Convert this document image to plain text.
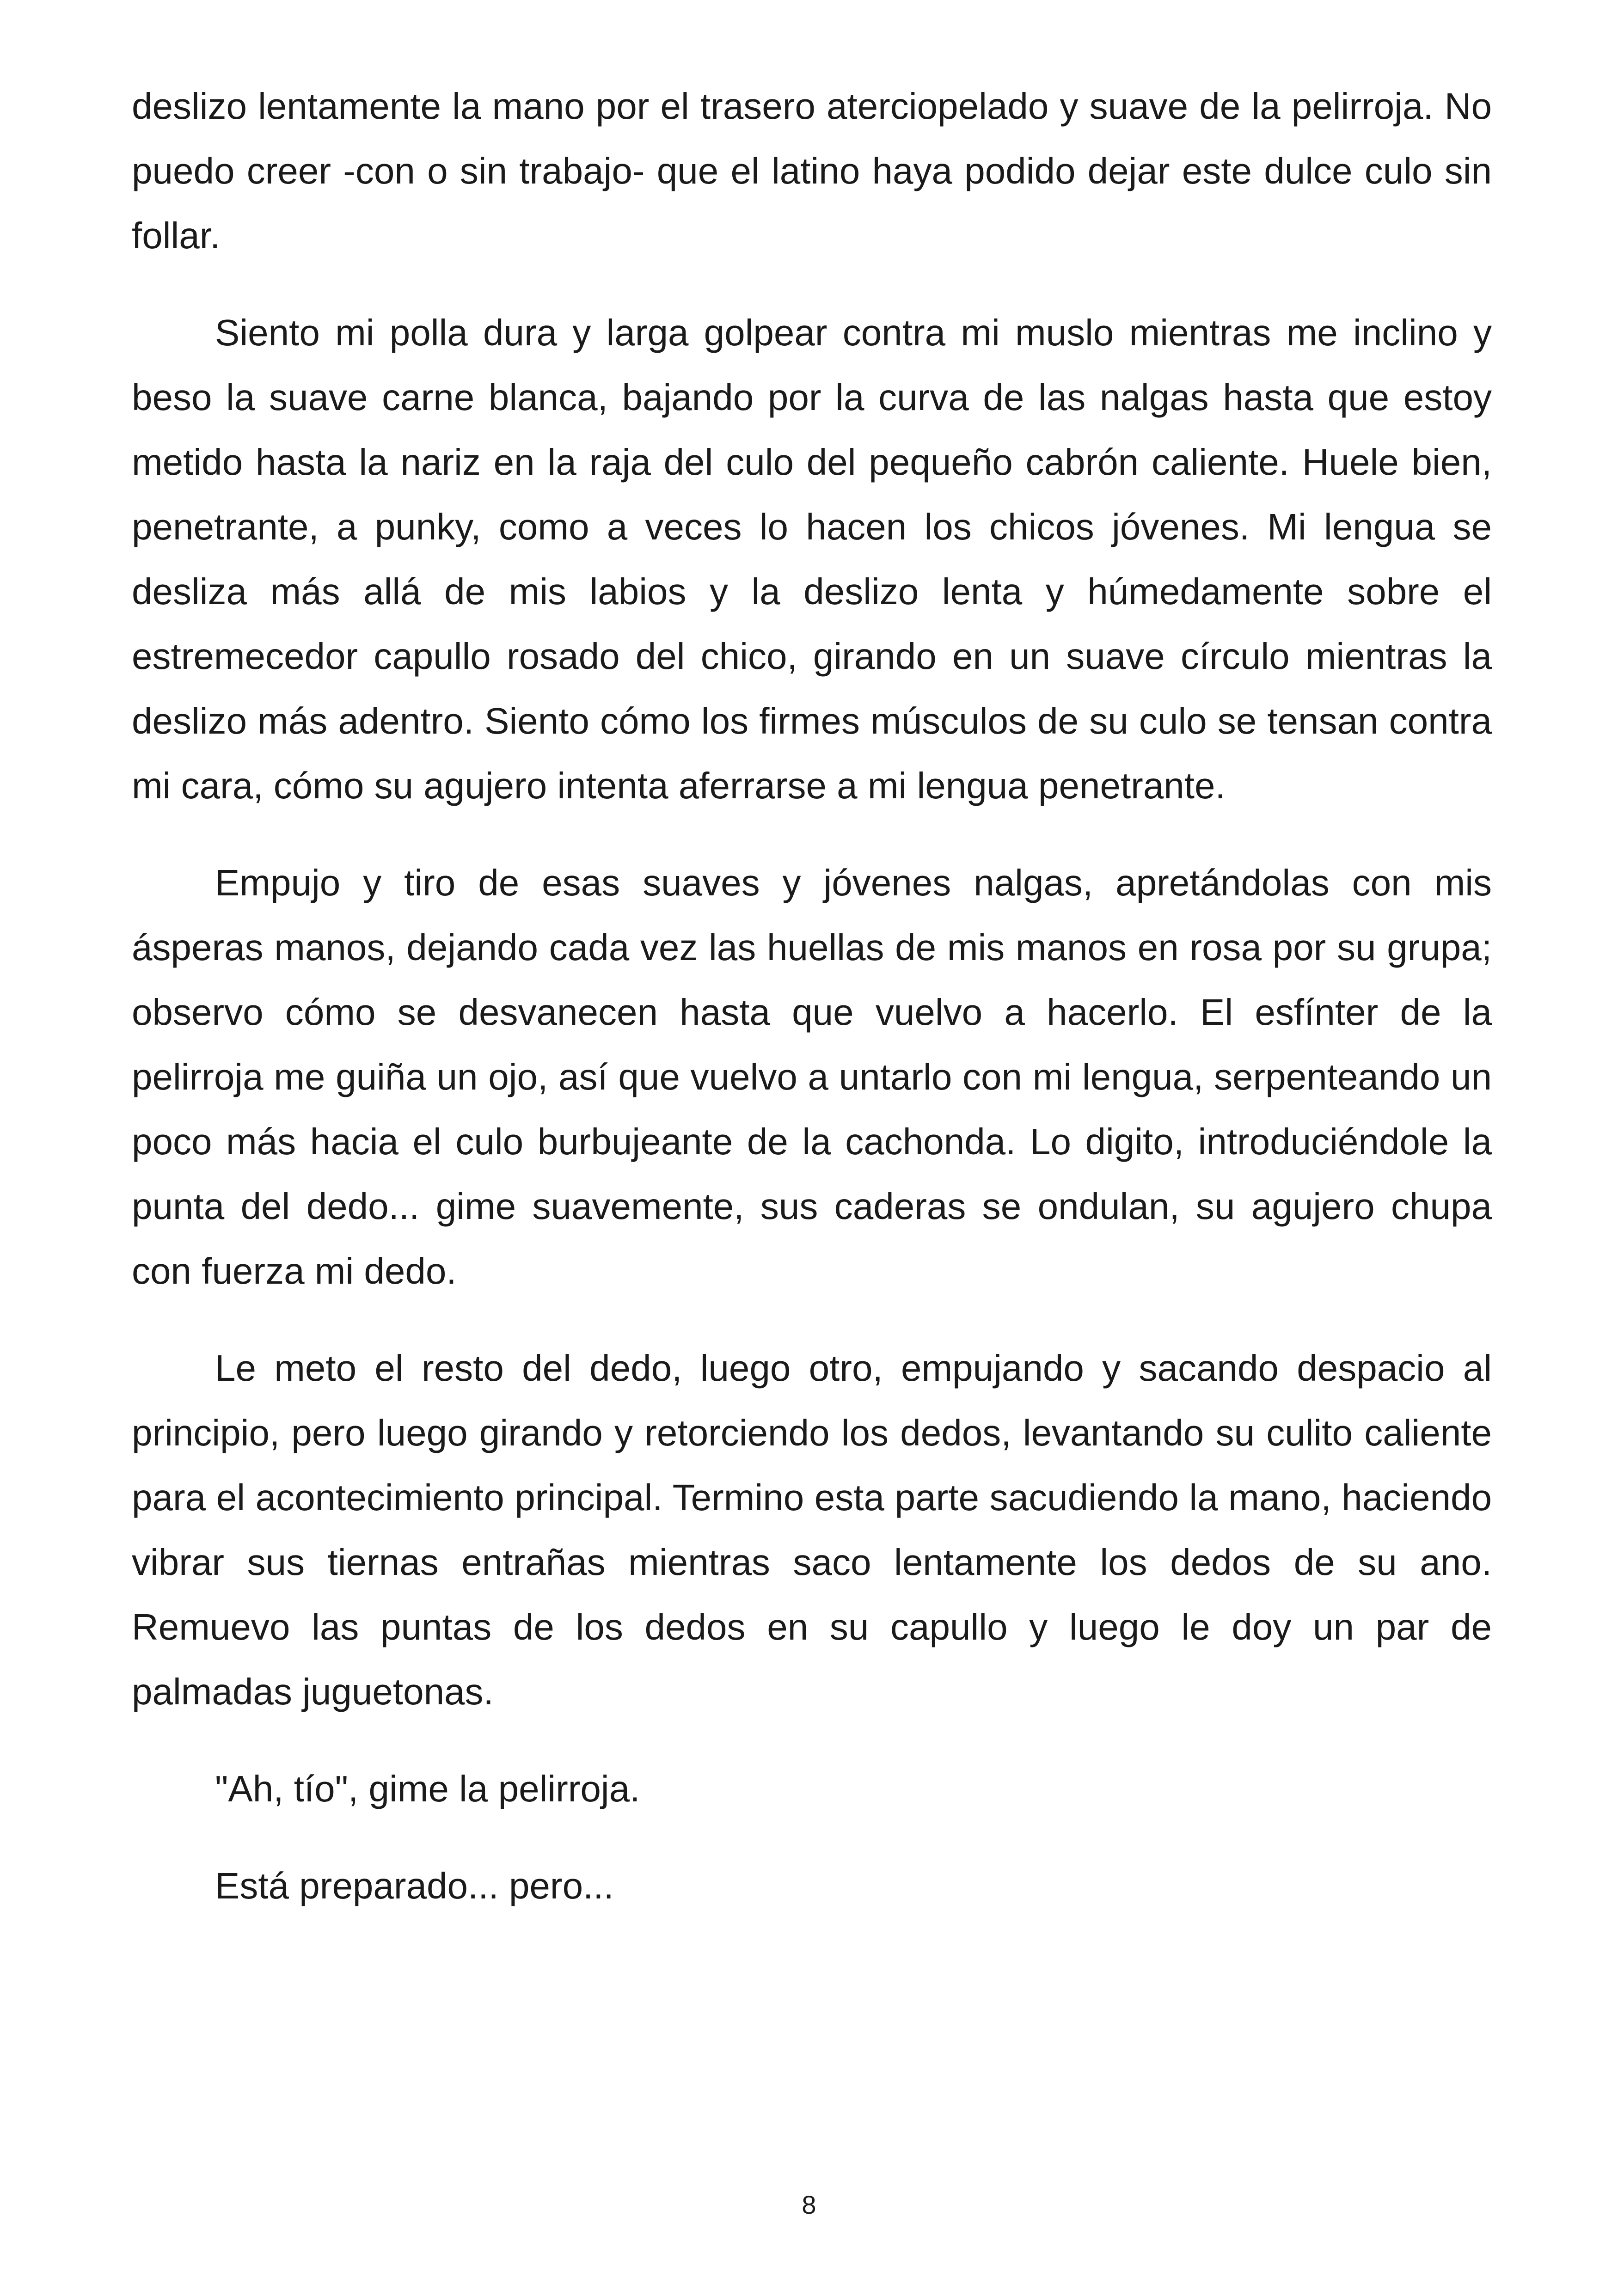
deslizo lentamente la mano por el trasero aterciopelado y suave de la pelirroja. No puedo creer -con o sin trabajo- que el latino haya podido dejar este dulce culo sin follar.

Siento mi polla dura y larga golpear contra mi muslo mientras me inclino y beso la suave carne blanca, bajando por la curva de las nalgas hasta que estoy metido hasta la nariz en la raja del culo del pequeño cabrón caliente. Huele bien, penetrante, a punky, como a veces lo hacen los chicos jóvenes. Mi lengua se desliza más allá de mis labios y la deslizo lenta y húmedamente sobre el estremecedor capullo rosado del chico, girando en un suave círculo mientras la deslizo más adentro. Siento cómo los firmes músculos de su culo se tensan contra mi cara, cómo su agujero intenta aferrarse a mi lengua penetrante.

Empujo y tiro de esas suaves y jóvenes nalgas, apretándolas con mis ásperas manos, dejando cada vez las huellas de mis manos en rosa por su grupa; observo cómo se desvanecen hasta que vuelvo a hacerlo. El esfínter de la pelirroja me guiña un ojo, así que vuelvo a untarlo con mi lengua, serpenteando un poco más hacia el culo burbujeante de la cachonda. Lo digito, introduciéndole la punta del dedo... gime suavemente, sus caderas se ondulan, su agujero chupa con fuerza mi dedo.

Le meto el resto del dedo, luego otro, empujando y sacando despacio al principio, pero luego girando y retorciendo los dedos, levantando su culito caliente para el acontecimiento principal. Termino esta parte sacudiendo la mano, haciendo vibrar sus tiernas entrañas mientras saco lentamente los dedos de su ano. Remuevo las puntas de los dedos en su capullo y luego le doy un par de palmadas juguetonas.

"Ah, tío", gime la pelirroja.

Está preparado... pero...

8
